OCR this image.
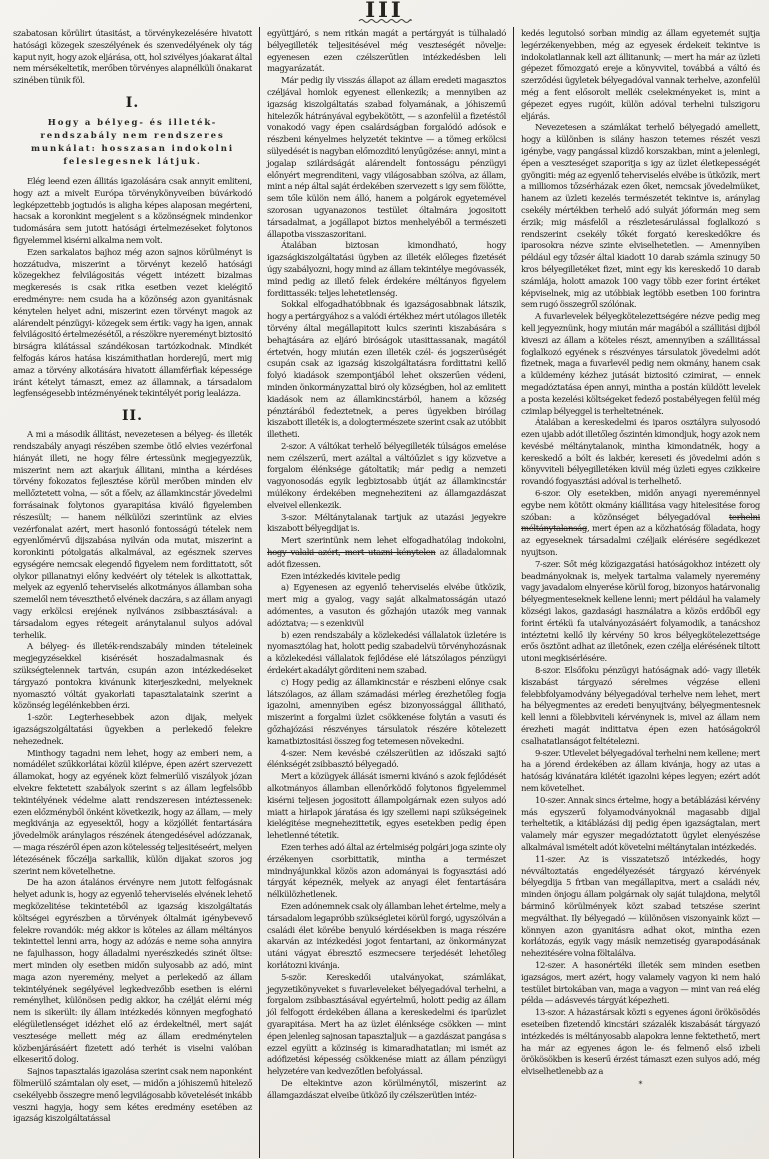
III
szabatosan körülirt útasitást, a törvénykezelésére hivatott hatósági közegek szeszélyének és szenvedélyének oly tág kaput nyit, hogy azok eljárása, ott, hol szivélyes jóakarat által nem mérsékeltetik, merőben törvényes alapnélküli önakarat szinében tünik föl.
I.
Hogy a bélyeg- és illeték- rendszabály nem rendszeres munkálat: hosszasan indokolni feleslegesnek látjuk.
Elég leend ezen állitás igazolására csak annyit emliteni, hogy azt a mivelt Európa törvénykönyveiben búvárkodó legképzettebb jogtudós is aligha képes alaposan megérteni, hacsak a koronkint megjelent s a közönségnek mindenkor tudomására sem jutott hatósági értelmezéseket folytonos figyelemmel kisérni alkalma nem volt.
Ezen sarkalatos bajhoz még azon sajnos körülményt is hozzátudva, miszerint a törvényt kezelő hatósági közegekhez felvilágositás végett intézett bizalmas megkeresés is csak ritka esetben vezet kielégitő eredményre: nem csuda ha a közönség azon gyanitásnak kénytelen helyet adni, miszerint ezen törvényt magok az alárendelt pénzügyi- közegek sem értik: vagy ha igen, annak felvilágositó értelmezésétől, a részökre nyereményt biztositó birságra kilátással szándékosan tartózkodnak. Mindkét felfogás káros hatása kiszámithatlan horderejű, mert mig amaz a törvény alkotására hivatott államférfiak képessége iránt kételyt támaszt, emez az államnak, a társadalom legfenségesebb intézményének tekintélyét porig lealázza.
II.
A mi a második állitást, nevezetesen a bélyeg- és illeték rendszabály anyagi részében szembe ötlő elvies vezérfonal hiányát illeti, ne hogy félre értessünk megjegyezzük, miszerint nem azt akarjuk állitani, mintha a kérdéses törvény fokozatos fejlesztése körül merőben minden elv mellőztetett volna, — sőt a főelv, az államkincstár jövedelmi forrásainak folytonos gyarapitása kiváló figyelemben részesült; — hanem nélkülözi szerintünk az elvies vezérfonalat azért, mert hasonló fontosságú tételek nem egyenlőmérvű dijszabása nyilván oda mutat, miszerint a koronkinti pótolgatás alkalmával, az egésznek szerves egységére nemcsak elegendő figyelem nem fordittatott, sőt olykor pillanatnyi előny kedvéért oly tételek is alkottattak, melyek az egyenlő teherviselés alkotmányos államban soha szemelől nem téveszthető elvének daczára, s az állam anyagi vagy erkölcsi erejének nyilvános zsibbasztásával: a társadalom egyes rétegeit aránytalanul sulyos adóval terhelik.
A bélyeg- és illeték-rendszabály minden tételeinek megjegyzésekkel kisérését hoszadalmasnak és szükségtelennek tartván, csupán azon intézkedéseket tárgyazó pontokra kivánunk kiterjeszkedni, melyeknek nyomasztó vóltát gyakorlati tapasztalataink szerint a közönség legélénkebben érzi.
1-ször. Legterhesebbek azon dijak, melyek igazságszolgáltatási ügyekben a perlekedő felekre nehezednek.
Minthogy tagadni nem lehet, hogy az emberi nem, a nomádélet szűkkorlátai közül kilépve, épen azért szervezett államokat, hogy az egyének közt felmerülő viszályok józan elvekre fektetett szabályok szerint s az állam legfelsőbb tekintélyének védelme alatt rendszeresen intéztessenek: ezen előzményből önként következik, hogy az állam, — mely megkivánja az egyesektől, hogy a közjóllét fentartására jövedelmök aránylagos részének átengedésével adózzanak, — maga részéről épen azon kötelesség teljesitéseért, melyen létezésének főczélja sarkallik, külön dijakat szoros jog szerint nem követelhetne.
De ha azon átalános érvényre nem jutott felfogásnak helyet adunk is, hogy az egyenlő teherviselés elvének lehető megközelitése tekintetéből az igazság kiszolgáltatás költségei egyrészben a törvények óltalmát igénybevevő felekre rovandók: még akkor is köteles az állam méltányos tekintettel lenni arra, hogy az adózás e neme soha annyira ne fajulhasson, hogy álladalmi nyerészkedés szinét öltse: mert minden oly esetben midőn sulyosabb az adó, mint maga azon nyeremény, melyet a perlekedő az állam tekintélyének segélyével legkedvezőbb esetben is elérni reménylhet, különösen pedig akkor, ha czélját elérni még nem is sikerült: ily állam intézkedés könnyen megfogható elégületlenséget idézhet elő az érdekeltnél, mert saját vesztesége mellett még az állam eredménytelen közbenjárásáért fizetett adó terhét is viselni valóban elkeseritő dolog.
Sajnos tapasztalás igazolása szerint csak nem naponként fölmerülő számtalan oly eset, — midőn a jóhiszemű hitelező csekélyebb összegre menő legvilágosabb követelését inkább veszni hagyja, hogy sem kétes eredmény esetében az igazság kiszolgáltatással
együttjáró, s nem ritkán magát a pertárgyát is túlhaladó bélyegilleték teljesitésével még veszteségét növelje: egyenesen ezen czélszerűtlen intézkedésben leli magyarázatát.
Már pedig ily visszás állapot az állam eredeti magasztos czéljával homlok egyenest ellenkezik; a mennyiben az igazság kiszolgáltatás szabad folyamának, a jóhiszemű hitelezők hátrányával egybekötött, — s azonfelül a fizetéstől vonakodó vagy épen csalárdságban forgalódó adósok e részbeni kényelmes helyzetét tekintve — a tömeg erkölcsi sülyedését is nagyban előmozditó lenyűgözése: annyi, mint a jogalap szilárdságát alárendelt fontosságu pénzügyi előnyért megrenditeni, vagy világosabban szólva, az állam, mint a nép által saját érdekében szervezett s igy sem fölötte, sem tőle külön nem álló, hanem a polgárok egyetemével szorosan ugyanazonos testület óltalmára jogositott társadalmat, a jogállapot biztos menhelyéből a természeti állapotba visszaszoritani.
Átalában biztosan kimondható, hogy igazságkiszolgáltatási ügyben az illeték előleges fizetését úgy szabályozni, hogy mind az állam tekintélye megóvassék, mind pedig az illető felek érdekére méltányos figyelem fordittassék: teljes lehetetlenség.
Sokkal elfogadhatóbbnak és igazságosabbnak látszik, hogy a pertárgyához s a valódi értékhez mért utólagos illeték törvény által megállapitott kulcs szerinti kiszabására s behajtására az eljáró biróságok utasittassanak, magától értetvén, hogy miután ezen illeték czél- és jogszerüségét csupán csak az igazság kiszolgáltatásra fordittatni kellő folyó kiadások szempontjából lehet okszerűen védeni, minden önkormányzattal biró oly községben, hol az emlitett kiadások nem az államkincstárból, hanem a község pénztárából fedeztetnek, a peres ügyekben biróilag kiszabott illeték is, a dologtermészete szerint csak az utóbbit illetheti.
2-szor. A váltókat terhelő bélyegilleték túlságos emelése nem czélszerű, mert azáltal a váltóűzlet s igy közvetve a forgalom élénksége gátoltatik; már pedig a nemzeti vagyonosodás egyik legbiztosabb útját az államkincstár múlékony érdekében megneheziteni az államgazdászat elveivel ellenkezik.
3-szor. Méltánytalanak tartjuk az utazási jegyekre kiszabott bélyegdijat is.
Mert szerintünk nem lehet elfogadhatólag indokolni, hogy valaki azért, mert utazni kénytelen az álladalomnak adót fizessen.
Ezen intézkedés kivitele pedig
a) Egyenesen az egyenlő teherviselés elvébe ütközik, mert mig a gyalog, vagy saját alkalmatosságán utazó adómentes, a vasuton és gőzhajón utazók meg vannak adóztatva; — s ezenkivül
b) ezen rendszabály a közlekedési vállalatok üzletére is nyomasztólag hat, holott pedig szabadelvü törvényhozásnak a közlekedési vállalatok fejlődése elé látszólagos pénzügyi érdekért akadályt görditeni nem szabad.
c) Hogy pedig az államkincstár e részbeni előnye csak látszólagos, az állam számadási mérleg érezhetőleg fogja igazolni, amennyiben egész bizonyossággal állitható, miszerint a forgalmi üzlet csökkenése folytán a vasuti és gőzhajózási részvényes társulatok részére kötelezett kamatbiztositási összeg fog tetemesen növekedni.
4-szer. Nem kevésbé czélszerütlen az időszaki sajtó élénkségét zsibbasztó bélyegadó.
Mert a közügyek állását ismerni kivánó s azok fejlődését alkotmányos államban ellenőrködő folytonos figyelemmel kisérni teljesen jogositott állampolgárnak ezen sulyos adó miatt a hirlapok járatása és igy szellemi napi szükségeinek kielégitése megnehezittetik, egyes esetekben pedig épen lehetlenné tétetik.
Ezen terhes adó által az értelmiség polgári joga szinte oly érzékenyen csorbittatik, mintha a természet mindnyájunkkal közös azon adományai is fogyasztási adó tárgyát képeznék, melyek az anyagi élet fentartására nélkülözhetlenek.
Ezen adónemnek csak oly államban lehet értelme, mely a társadalom legapróbb szükségletei körül forgó, ugyszólván a családi élet körébe benyuló kérdésekben is maga részére akarván az intézkedési jogot fentartani, az önkormányzat utáni vágyat ébresztő eszmecsere terjedését lehetőleg korlátozni kivánja.
5-ször. Kereskedői utalványokat, számlákat, jegyzetikönyveket s fuvarleveleket bélyegadóval terhelni, a forgalom zsibbasztásával egyértelmű, holott pedig az állam jól felfogott érdekében állana a kereskedelmi és iparüzlet gyarapitása. Mert ha az üzlet élénksége csökken — mint épen jelenleg sajnosan tapasztaljuk — a gazdászat pangása s ezzel együtt a közinség is kimaradhatatlan; mi ismét az adófizetési képesség csökkenése miatt az állam pénzügyi helyzetére van kedvezőtlen befolyással.
De eltekintve azon körülménytől, miszerint az államgazdászat elveibe ütköző ily czélszerütlen intéz-
kedés legutolsó sorban mindig az állam egyetemét sujtja legérzékenyebben, még az egyesek érdekeit tekintve is indokolatlannak kell azt állitanunk; — mert ha már az üzleti gépezet főmozgató ereje a könyvvitel, továbbá a váltó és szerződési ügyletek bélyegadóval vannak terhelve, azonfelül még a fent elősorolt mellék cselekményeket is, mint a gépezet egyes rugóit, külön adóval terhelni tulszigoru eljárás.
Nevezetesen a számlákat terhelő bélyegadó amellett, hogy a különben is silány haszon tetemes részét veszi igénybe, vagy pangással küzdő korszakban, mint a jelenlegi, épen a veszteséget szaporitja s igy az üzlet életkepességét gyöngiti: még az egyenlő teherviselés elvébe is ütközik, mert a milliomos tőzsérházak ezen őket, nemcsak jövedelmüket, hanem az üzleti kezelés természetét tekintve is, aránylag csekély mértékben terhelő adó sulyát jóformán meg sem érzik; mig másfelől a részletesárulással foglalkozó s rendszerint csekély tőkét forgató kereskedőkre és iparosokra nézve szinte elviselhetetlen. — Amennyiben például egy tőzsér által kiadott 10 darab számla szinugy 50 kros bélyegilletéket fizet, mint egy kis kereskedő 10 darab számlája, holott amazok 100 vagy több ezer forint értéket képviselnek, mig az utóbbiak legtöbb esetben 100 forintra sem rugó összegről szólónak.
A fuvarlevelek bélyegkötelezettségére nézve pedig meg kell jegyeznünk, hogy miután már magából a szállitási dijból kiveszi az állam a köteles részt, amennyiben a szállitással foglalkozó egyének s részvényes társulatok jövedelmi adót fizetnek, maga a fuvarlevél pedig nem okmány, hanem csak a küldemény kézhez jutását biztositó czimirat, — ennek megadóztatása épen annyi, mintha a postán küldött levelek a posta kezelési költségeket fedező postabélyegen felül még czimlap bélyeggel is terheltetnének.
Átalában a kereskedelmi és iparos osztályra sulyosodó ezen ujabb adót illetőleg őszintén kimondjuk, hogy azok nem kevésbé méltánytalanok, mintha kimondatnék, hogy a kereskedő a bólt és lakbér, kereseti és jövedelmi adón s könyvviteli bélyegilletéken kivül még üzleti egyes czikkeire rovandó fogyasztási adóval is terhelhető.
6-szor. Oly esetekben, midőn anyagi nyereménnyel egybe nem kötött okmány kiállitása vagy hitelesitése forog szóban: a közönséget bélyegadóval terhelni méltánytalanság, mert épen az a közhatóság föladata, hogy az egyeseknek társadalmi czéljaik elérésére segédkezet nyujtson.
7-szer. Sőt még közigazgatási hatóságokhoz intézett oly beadmányoknak is, melyek tartalma valamely nyeremény vagy javadalom elnyerése körül forog, bizonyos határvonalig bélyegmenteseknek kellene lenni; mert például ha valamely községi lakos, gazdasági használatra a közös erdőből egy forint értékü fa utalványozásáért folyamodik, a tanácshoz intéztetni kellő ily kérvény 50 kros bélyegkötelezettsége erős ösztönt adhat az illetőnek, ezen czélja elérésének tiltott utoni megkisérlésére.
8-szor. Elsőfoku pénzügyi hatóságnak adó- vagy illeték kiszabást tárgyazó sérelmes végzése elleni felebbfolyamodvány bélyegadóval terhelve nem lehet, mert ha bélyegmentes az eredeti benyujtvány, bélyegmentesnek kell lenni a fölebbviteli kérvénynek is, mivel az állam nem érezheti magát indittatva épen ezen hatóságokról csalhatatlanságot feltételezni.
9-szer. Utlevelet bélyegadóval terhelni nem kellene; mert ha a jórend érdekében az állam kivánja, hogy az utas a hatóság kivánatára kilétét igazolni képes legyen; ezért adót nem követelhet.
10-szer. Annak sincs értelme, hogy a betáblázási kérvény más egyszerű folyamodványoknál magasabb dijjal terheltetik, a kitáblázási dij pedig épen igazságtalan, mert valamely már egyszer megadóztatott ügylet elenyészése alkalmával ismételt adót követelni méltánytalan intézkedés.
11-szer. Az is visszatetsző intézkedés, hogy névváltoztatás engedélyezését tárgyazó kérvények bélyegdija 5 frtban van megállapitva, mert a családi név, minden önjogu állam polgárnak oly saját tulajdona, melytől bárminő körülmények közt szabad tetszése szerint megválthat. Ily bélyegadó — különösen viszonyaink közt — könnyen azon gyanitásra adhat okot, mintha ezen korlátozás, egyik vagy másik nemzetiség gyarapodásának nehezitésére volna föltalálva.
12-szer. A hasonértéki illeték sem minden esetben igazságos, mert azért, hogy valamely vagyon ki nem haló testület birtokában van, maga a vagyon — mint van reá elég példa — adásvevés tárgyát képezheti.
13-szor. A házastársak közti s egyenes ágoni örökösödés eseteiben fizetendő kincstári százalék kiszabását tárgyazó intézkedés is méltányosabb alapokra lenne fektethető, mert ha már az egyenes ágon le- és felmenő első izbeli örökösökben is keserű érzést támaszt ezen sulyos adó, még elviselhetlenebb az a
*
